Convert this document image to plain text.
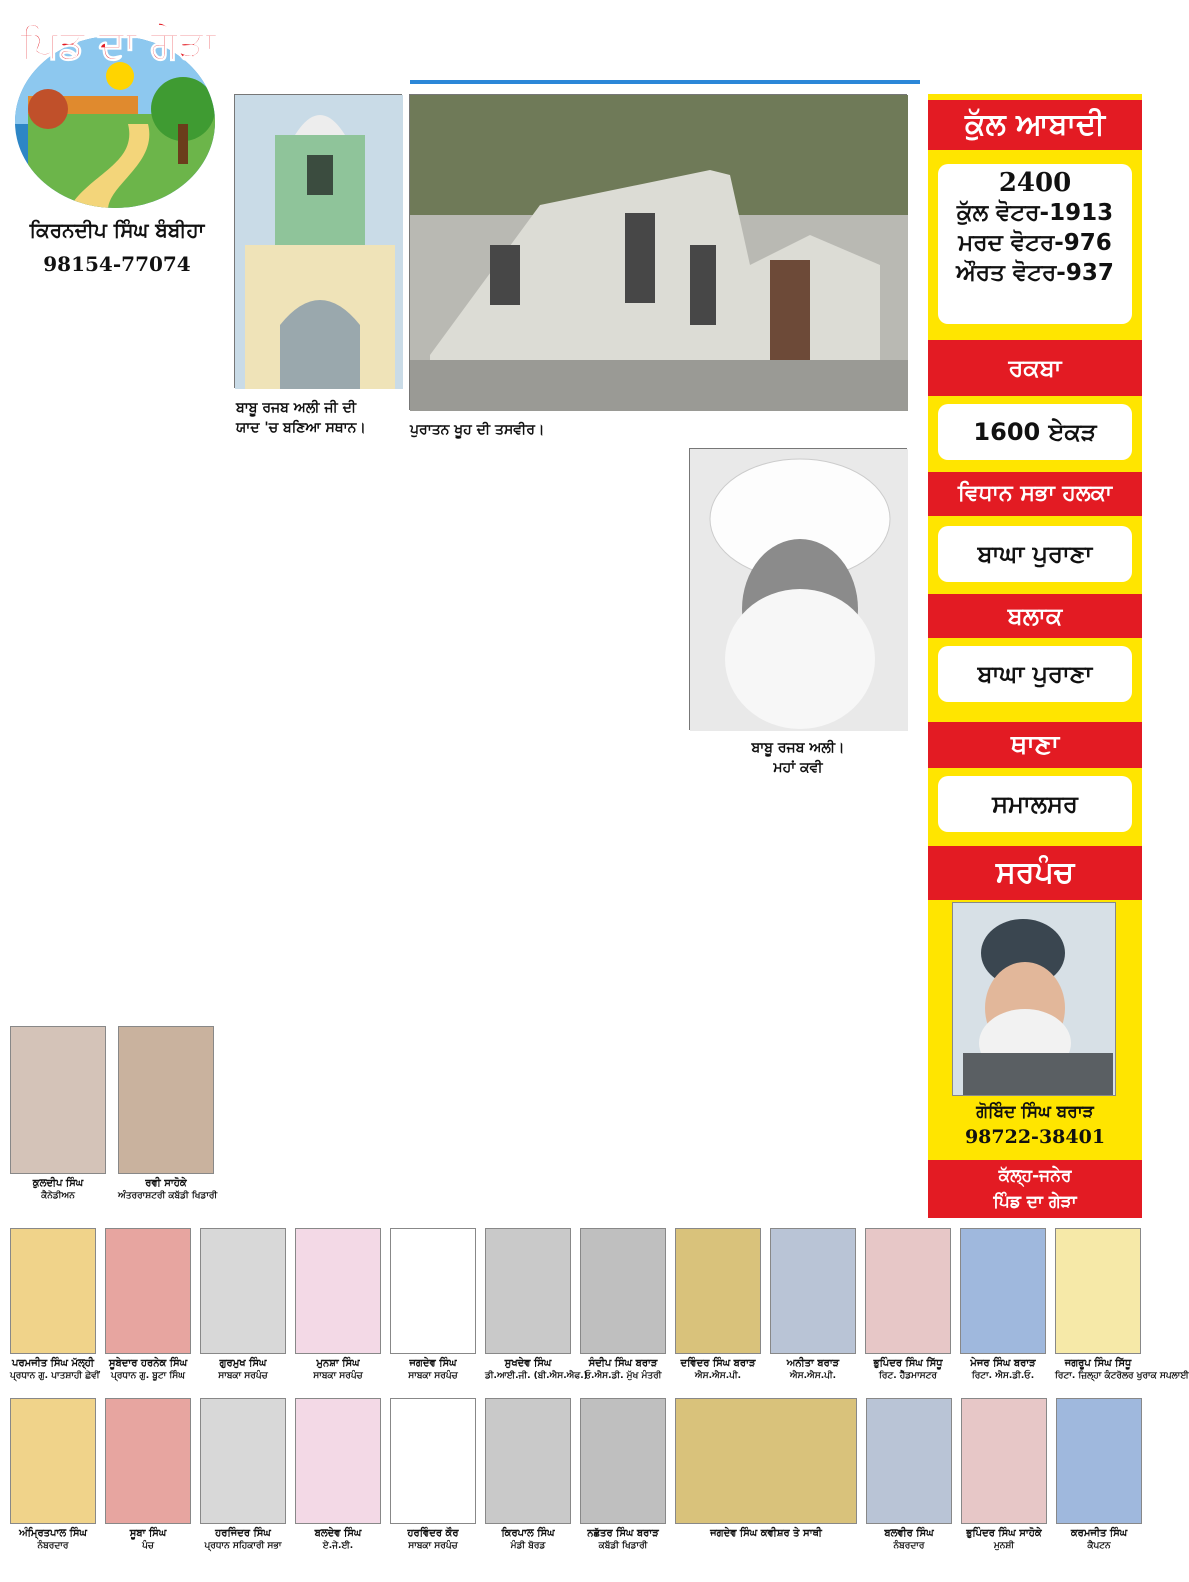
ਪਿੰਡ ਦਾ ਗੇੜਾ
ਕਿਰਨਦੀਪ ਸਿੰਘ ਬੰਬੀਹਾ
98154-77074
ਬਾਬੂ ਰਜਬ ਅਲੀ ਜੀ ਦੀ
ਯਾਦ 'ਚ ਬਣਿਆ ਸਥਾਨ।	ਪੁਰਾਤਨ ਖੂਹ ਦੀ ਤਸਵੀਰ।
ਬਾਬੂ ਰਜਬ ਅਲੀ।
ਮਹਾਂ ਕਵੀ
ਕੁੱਲ ਆਬਾਦੀ
2400
ਕੁੱਲ ਵੋਟਰ-1913
ਮਰਦ ਵੋਟਰ-976
ਔਰਤ ਵੋਟਰ-937
ਰਕਬਾ
1600 ਏਕੜ
ਵਿਧਾਨ ਸਭਾ ਹਲਕਾ
ਬਾਘਾ ਪੁਰਾਣਾ
ਬਲਾਕ
ਬਾਘਾ ਪੁਰਾਣਾ
ਥਾਣਾ
ਸਮਾਲਸਰ
ਸਰਪੰਚ
ਗੋਬਿੰਦ ਸਿੰਘ ਬਰਾੜ
98722-38401
ਕੱਲ੍ਹ-ਜਨੇਰ
ਪਿੰਡ ਦਾ ਗੇੜਾ
ਕੁਲਦੀਪ ਸਿੰਘ
ਕੈਨੇਡੀਅਨ
ਰਵੀ ਸਾਹੋਕੇ
ਅੰਤਰਰਾਸ਼ਟਰੀ ਕਬੱਡੀ ਖਿਡਾਰੀ
ਪਰਮਜੀਤ ਸਿੰਘ ਮੱਲ੍ਹੀ
ਪ੍ਰਧਾਨ ਗੁ. ਪਾਤਸ਼ਾਹੀ ਛੇਵੀਂ
ਸੂਬੇਦਾਰ ਹਰਨੇਕ ਸਿੰਘ
ਪ੍ਰਧਾਨ ਗੁ. ਬੂਟਾ ਸਿੰਘ
ਗੁਰਮੁਖ ਸਿੰਘ
ਸਾਬਕਾ ਸਰਪੰਚ
ਮੁਨਸ਼ਾ ਸਿੰਘ
ਸਾਬਕਾ ਸਰਪੰਚ
ਜਗਦੇਵ ਸਿੰਘ
ਸਾਬਕਾ ਸਰਪੰਚ
ਸੁਖਦੇਵ ਸਿੰਘ
ਡੀ.ਆਈ.ਜੀ. (ਬੀ.ਐਸ.ਐਫ.)
ਸੰਦੀਪ ਸਿੰਘ ਬਰਾੜ
ਓ.ਐਸ.ਡੀ. ਮੁੱਖ ਮੰਤਰੀ
ਦਵਿੰਦਰ ਸਿੰਘ ਬਰਾੜ
ਐਸ.ਐਸ.ਪੀ.
ਅਨੀਤਾ ਬਰਾੜ
ਐਸ.ਐਸ.ਪੀ.
ਭੁਪਿੰਦਰ ਸਿੰਘ ਸਿੱਧੂ
ਰਿਟ. ਹੈੱਡਮਾਸਟਰ
ਮੇਜਰ ਸਿੰਘ ਬਰਾੜ
ਰਿਟਾ. ਐਸ.ਡੀ.ਓ.
ਜਗਰੂਪ ਸਿੰਘ ਸਿੱਧੂ
ਰਿਟਾ. ਜ਼ਿਲ੍ਹਾ ਕੰਟਰੋਲਰ ਖੁਰਾਕ ਸਪਲਾਈ
ਅੰਮ੍ਰਿਤਪਾਲ ਸਿੰਘ
ਨੰਬਰਦਾਰ
ਸੂਬਾ ਸਿੰਘ
ਪੰਚ
ਹਰਜਿੰਦਰ ਸਿੰਘ
ਪ੍ਰਧਾਨ ਸਹਿਕਾਰੀ ਸਭਾ
ਬਲਦੇਵ ਸਿੰਘ
ਏ.ਜੇ.ਈ.
ਹਰਵਿੰਦਰ ਕੌਰ
ਸਾਬਕਾ ਸਰਪੰਚ
ਕਿਰਪਾਲ ਸਿੰਘ
ਮੰਡੀ ਬੋਰਡ
ਨਛੱਤਰ ਸਿੰਘ ਬਰਾੜ
ਕਬੱਡੀ ਖਿਡਾਰੀ
ਜਗਦੇਵ ਸਿੰਘ ਕਵੀਸ਼ਰ ਤੇ ਸਾਥੀ	ਬਲਵੀਰ ਸਿੰਘ
ਨੰਬਰਦਾਰ
ਭੁਪਿੰਦਰ ਸਿੰਘ ਸਾਹੋਕੇ
ਮੁਨਸ਼ੀ
ਕਰਮਜੀਤ ਸਿੰਘ
ਕੈਪਟਨ
